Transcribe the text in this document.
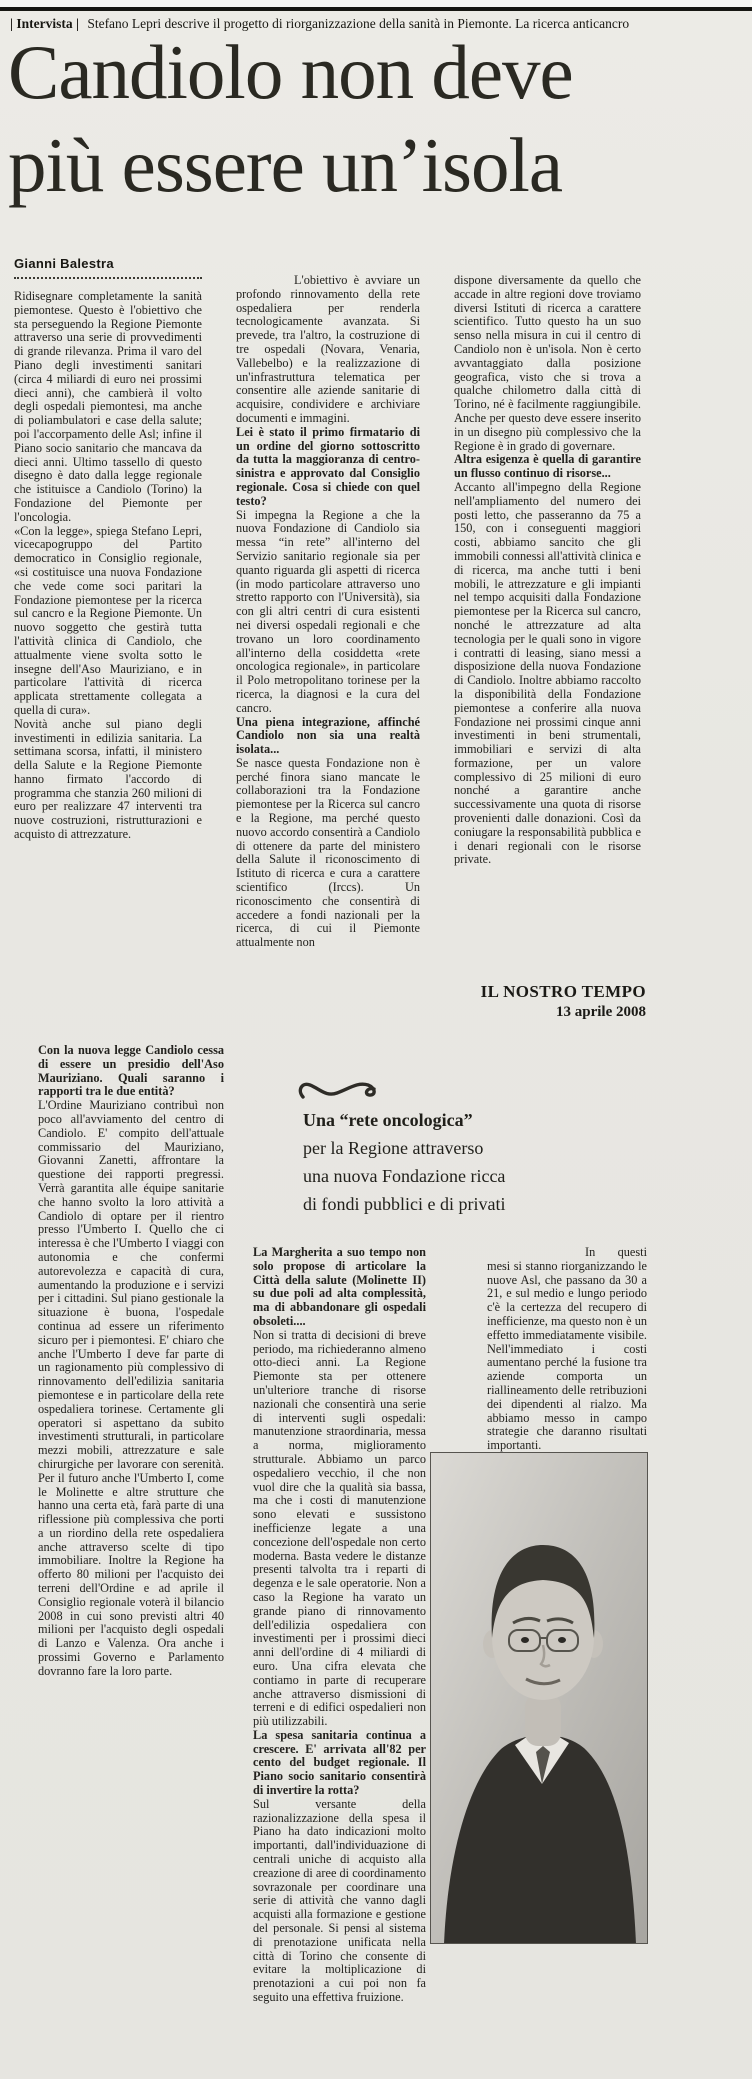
| Intervista | Stefano Lepri descrive il progetto di riorganizzazione della sanità in Piemonte. La ricerca anticancro
Candiolo non deve
più essere un’isola
Gianni Balestra

Ridisegnare completamente la sanità piemontese. Questo è l'obiettivo che sta perseguendo la Regione Piemonte attraverso una serie di provvedimenti di grande rilevanza. Prima il varo del Piano degli investimenti sanitari (circa 4 miliardi di euro nei prossimi dieci anni), che cambierà il volto degli ospedali piemontesi, ma anche di poliambulatori e case della salute; poi l'accorpamento delle Asl; infine il Piano socio sanitario che mancava da dieci anni. Ultimo tassello di questo disegno è dato dalla legge regionale che istituisce a Candiolo (Torino) la Fondazione del Piemonte per l'oncologia.

«Con la legge», spiega Stefano Lepri, vicecapogruppo del Partito democratico in Consiglio regionale, «si costituisce una nuova Fondazione che vede come soci paritari la Fondazione piemontese per la ricerca sul cancro e la Regione Piemonte. Un nuovo soggetto che gestirà tutta l'attività clinica di Candiolo, che attualmente viene svolta sotto le insegne dell'Aso Mauriziano, e in particolare l'attività di ricerca applicata strettamente collegata a quella di cura».

Novità anche sul piano degli investimenti in edilizia sanitaria. La settimana scorsa, infatti, il ministero della Salute e la Regione Piemonte hanno firmato l'accordo di programma che stanzia 260 milioni di euro per realizzare 47 interventi tra nuove costruzioni, ristrutturazioni e acquisto di attrezzature.

L'obiettivo è avviare un profondo rinnovamento della rete ospedaliera per renderla tecnologicamente avanzata. Si prevede, tra l'altro, la costruzione di tre ospedali (Novara, Venaria, Vallebelbo) e la realizzazione di un'infrastruttura telematica per consentire alle aziende sanitarie di acquisire, condividere e archiviare documenti e immagini.

Lei è stato il primo firmatario di un ordine del giorno sottoscritto da tutta la maggioranza di centro-sinistra e approvato dal Consiglio regionale. Cosa si chiede con quel testo?

Si impegna la Regione a che la nuova Fondazione di Candiolo sia messa “in rete” all'interno del Servizio sanitario regionale sia per quanto riguarda gli aspetti di ricerca (in modo particolare attraverso uno stretto rapporto con l'Università), sia con gli altri centri di cura esistenti nei diversi ospedali regionali e che trovano un loro coordinamento all'interno della cosiddetta «rete oncologica regionale», in particolare il Polo metropolitano torinese per la ricerca, la diagnosi e la cura del cancro.

Una piena integrazione, affinché Candiolo non sia una realtà isolata...

Se nasce questa Fondazione non è perché finora siano mancate le collaborazioni tra la Fondazione piemontese per la Ricerca sul cancro e la Regione, ma perché questo nuovo accordo consentirà a Candiolo di ottenere da parte del ministero della Salute il riconoscimento di Istituto di ricerca e cura a carattere scientifico (Irccs). Un riconoscimento che consentirà di accedere a fondi nazionali per la ricerca, di cui il Piemonte attualmente non

dispone diversamente da quello che accade in altre regioni dove troviamo diversi Istituti di ricerca a carattere scientifico. Tutto questo ha un suo senso nella misura in cui il centro di Candiolo non è un'isola. Non è certo avvantaggiato dalla posizione geografica, visto che si trova a qualche chilometro dalla città di Torino, né è facilmente raggiungibile. Anche per questo deve essere inserito in un disegno più complessivo che la Regione è in grado di governare.

Altra esigenza è quella di garantire un flusso continuo di risorse...

Accanto all'impegno della Regione nell'ampliamento del numero dei posti letto, che passeranno da 75 a 150, con i conseguenti maggiori costi, abbiamo sancito che gli immobili connessi all'attività clinica e di ricerca, ma anche tutti i beni mobili, le attrezzature e gli impianti nel tempo acquisiti dalla Fondazione piemontese per la Ricerca sul cancro, nonché le attrezzature ad alta tecnologia per le quali sono in vigore i contratti di leasing, siano messi a disposizione della nuova Fondazione di Candiolo. Inoltre abbiamo raccolto la disponibilità della Fondazione piemontese a conferire alla nuova Fondazione nei prossimi cinque anni investimenti in beni strumentali, immobiliari e servizi di alta formazione, per un valore complessivo di 25 milioni di euro nonché a garantire anche successivamente una quota di risorse provenienti dalle donazioni. Così da coniugare la responsabilità pubblica e i denari regionali con le risorse private.

IL NOSTRO TEMPO
13 aprile 2008

Con la nuova legge Candiolo cessa di essere un presidio dell'Aso Mauriziano. Quali saranno i rapporti tra le due entità?

L'Ordine Mauriziano contribuì non poco all'avviamento del centro di Candiolo. E' compito dell'attuale commissario del Mauriziano, Giovanni Zanetti, affrontare la questione dei rapporti pregressi. Verrà garantita alle équipe sanitarie che hanno svolto la loro attività a Candiolo di optare per il rientro presso l'Umberto I. Quello che ci interessa è che l'Umberto I viaggi con autonomia e che confermi autorevolezza e capacità di cura, aumentando la produzione e i servizi per i cittadini. Sul piano gestionale la situazione è buona, l'ospedale continua ad essere un riferimento sicuro per i piemontesi. E' chiaro che anche l'Umberto I deve far parte di un ragionamento più complessivo di rinnovamento dell'edilizia sanitaria piemontese e in particolare della rete ospedaliera torinese. Certamente gli operatori si aspettano da subito investimenti strutturali, in particolare mezzi mobili, attrezzature e sale chirurgiche per lavorare con serenità. Per il futuro anche l'Umberto I, come le Molinette e altre strutture che hanno una certa età, farà parte di una riflessione più complessiva che porti a un riordino della rete ospedaliera anche attraverso scelte di tipo immobiliare. Inoltre la Regione ha offerto 80 milioni per l'acquisto dei terreni dell'Ordine e ad aprile il Consiglio regionale voterà il bilancio 2008 in cui sono previsti altri 40 milioni per l'acquisto degli ospedali di Lanzo e Valenza. Ora anche i prossimi Governo e Parlamento dovranno fare la loro parte.

Una “rete oncologica”
per la Regione attraverso
una nuova Fondazione ricca
di fondi pubblici e di privati

La Margherita a suo tempo non solo propose di articolare la Città della salute (Molinette II) su due poli ad alta complessità, ma di abbandonare gli ospedali obsoleti....

Non si tratta di decisioni di breve periodo, ma richiederanno almeno otto-dieci anni. La Regione Piemonte sta per ottenere un'ulteriore tranche di risorse nazionali che consentirà una serie di interventi sugli ospedali: manutenzione straordinaria, messa a norma, miglioramento strutturale. Abbiamo un parco ospedaliero vecchio, il che non vuol dire che la qualità sia bassa, ma che i costi di manutenzione sono elevati e sussistono inefficienze legate a una concezione dell'ospedale non certo moderna. Basta vedere le distanze presenti talvolta tra i reparti di degenza e le sale operatorie. Non a caso la Regione ha varato un grande piano di rinnovamento dell'edilizia ospedaliera con investimenti per i prossimi dieci anni dell'ordine di 4 miliardi di euro. Una cifra elevata che contiamo in parte di recuperare anche attraverso dismissioni di terreni e di edifici ospedalieri non più utilizzabili.

La spesa sanitaria continua a crescere. E' arrivata all'82 per cento del budget regionale. Il Piano socio sanitario consentirà di invertire la rotta?

Sul versante della razionalizzazione della spesa il Piano ha dato indicazioni molto importanti, dall'individuazione di centrali uniche di acquisto alla creazione di aree di coordinamento sovrazonale per coordinare una serie di attività che vanno dagli acquisti alla formazione e gestione del personale. Si pensi al sistema di prenotazione unificata nella città di Torino che consente di evitare la moltiplicazione di prenotazioni a cui poi non fa seguito una effettiva fruizione.

In questi mesi si stanno riorganizzando le nuove Asl, che passano da 30 a 21, e sul medio e lungo periodo c'è la certezza del recupero di inefficienze, ma questo non è un effetto immediatamente visibile. Nell'immediato i costi aumentano perché la fusione tra aziende comporta un riallineamento delle retribuzioni dei dipendenti al rialzo. Ma abbiamo messo in campo strategie che daranno risultati importanti.
